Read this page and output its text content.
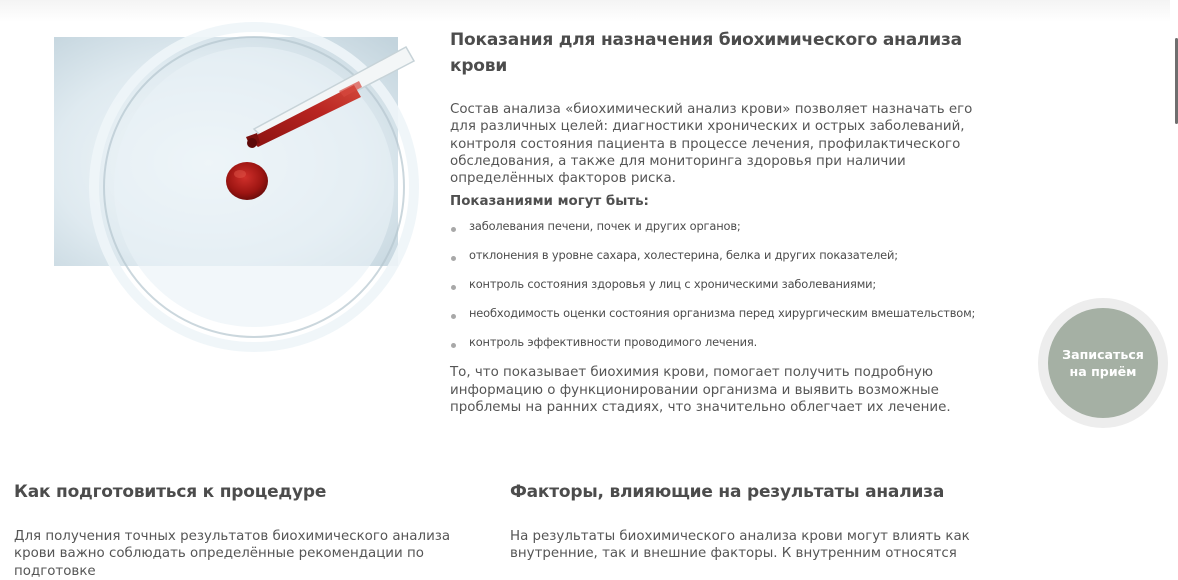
Показания для назначения биохимического анализа крови

Состав анализа «биохимический анализ крови» позволяет назначать его для различных целей: диагностики хронических и острых заболеваний, контроля состояния пациента в процессе лечения, профилактического обследования, а также для мониторинга здоровья при наличии определённых факторов риска.

Показаниями могут быть:

заболевания печени, почек и других органов;
отклонения в уровне сахара, холестерина, белка и других показателей;
контроль состояния здоровья у лиц с хроническими заболеваниями;
необходимость оценки состояния организма перед хирургическим вмешательством;
контроль эффективности проводимого лечения.

То, что показывает биохимия крови, помогает получить подробную информацию о функционировании организма и выявить возможные проблемы на ранних стадиях, что значительно облегчает их лечение.

Записаться
на приём
Как подготовиться к процедуре

Для получения точных результатов биохимического анализа крови важно соблюдать определённые рекомендации по подготовке

Факторы, влияющие на результаты анализа

На результаты биохимического анализа крови могут влиять как внутренние, так и внешние факторы. К внутренним относятся
